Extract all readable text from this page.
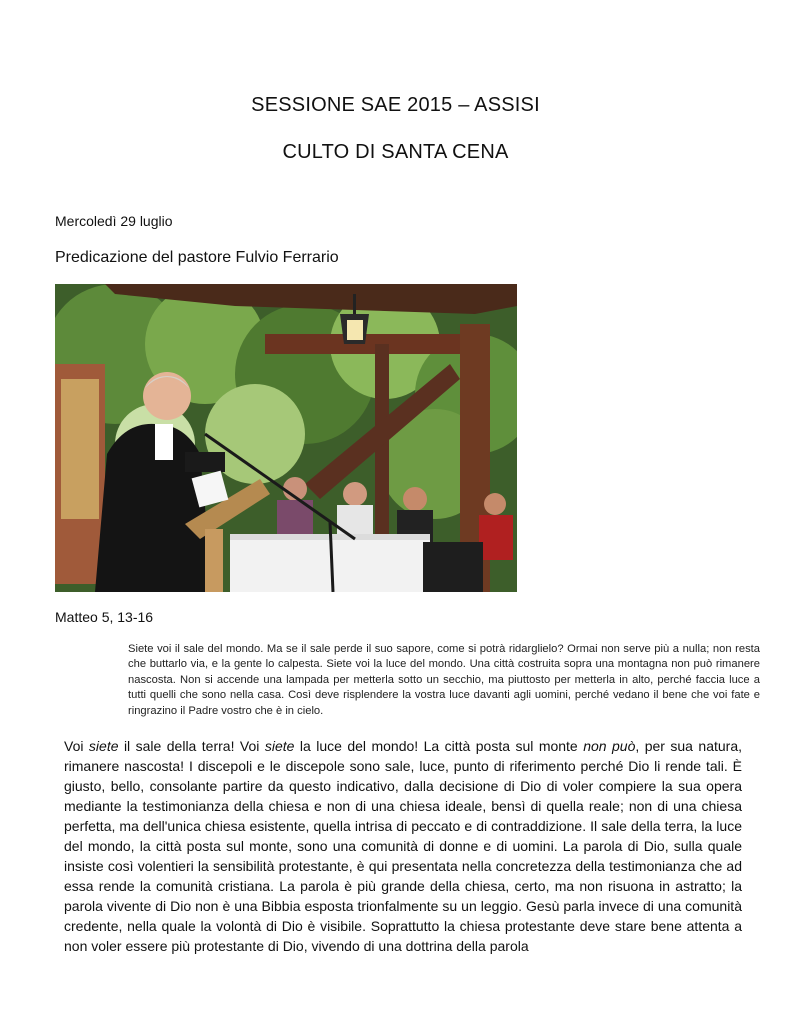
SESSIONE SAE 2015 – ASSISI
CULTO DI SANTA CENA
Mercoledì 29 luglio
Predicazione del pastore Fulvio Ferrario
Matteo 5, 13-16

Siete voi il sale del mondo. Ma se il sale perde il suo sapore, come si potrà ridarglielo? Ormai non serve più a nulla; non resta che buttarlo via, e la gente lo calpesta. Siete voi la luce del mondo. Una città costruita sopra una montagna non può rimanere nascosta. Non si accende una lampada per metterla sotto un secchio, ma piuttosto per metterla in alto, perché faccia luce a tutti quelli che sono nella casa. Così deve risplendere la vostra luce davanti agli uomini, perché vedano il bene che voi fate e ringrazino il Padre vostro che è in cielo.

Voi siete il sale della terra! Voi siete la luce del mondo! La città posta sul monte non può, per sua natura, rimanere nascosta! I discepoli e le discepole sono sale, luce, punto di riferimento perché Dio li rende tali. È giusto, bello, consolante partire da questo indicativo, dalla decisione di Dio di voler compiere la sua opera mediante la testimonianza della chiesa e non di una chiesa ideale, bensì di quella reale; non di una chiesa perfetta, ma dell'unica chiesa esistente, quella intrisa di peccato e di contraddizione. Il sale della terra, la luce del mondo, la città posta sul monte, sono una comunità di donne e di uomini. La parola di Dio, sulla quale insiste così volentieri la sensibilità protestante, è qui presentata nella concretezza della testimonianza che ad essa rende la comunità cristiana. La parola è più grande della chiesa, certo, ma non risuona in astratto; la parola vivente di Dio non è una Bibbia esposta trionfalmente su un leggio. Gesù parla invece di una comunità credente, nella quale la volontà di Dio è visibile. Soprattutto la chiesa protestante deve stare bene attenta a non voler essere più protestante di Dio, vivendo di una dottrina della parola
